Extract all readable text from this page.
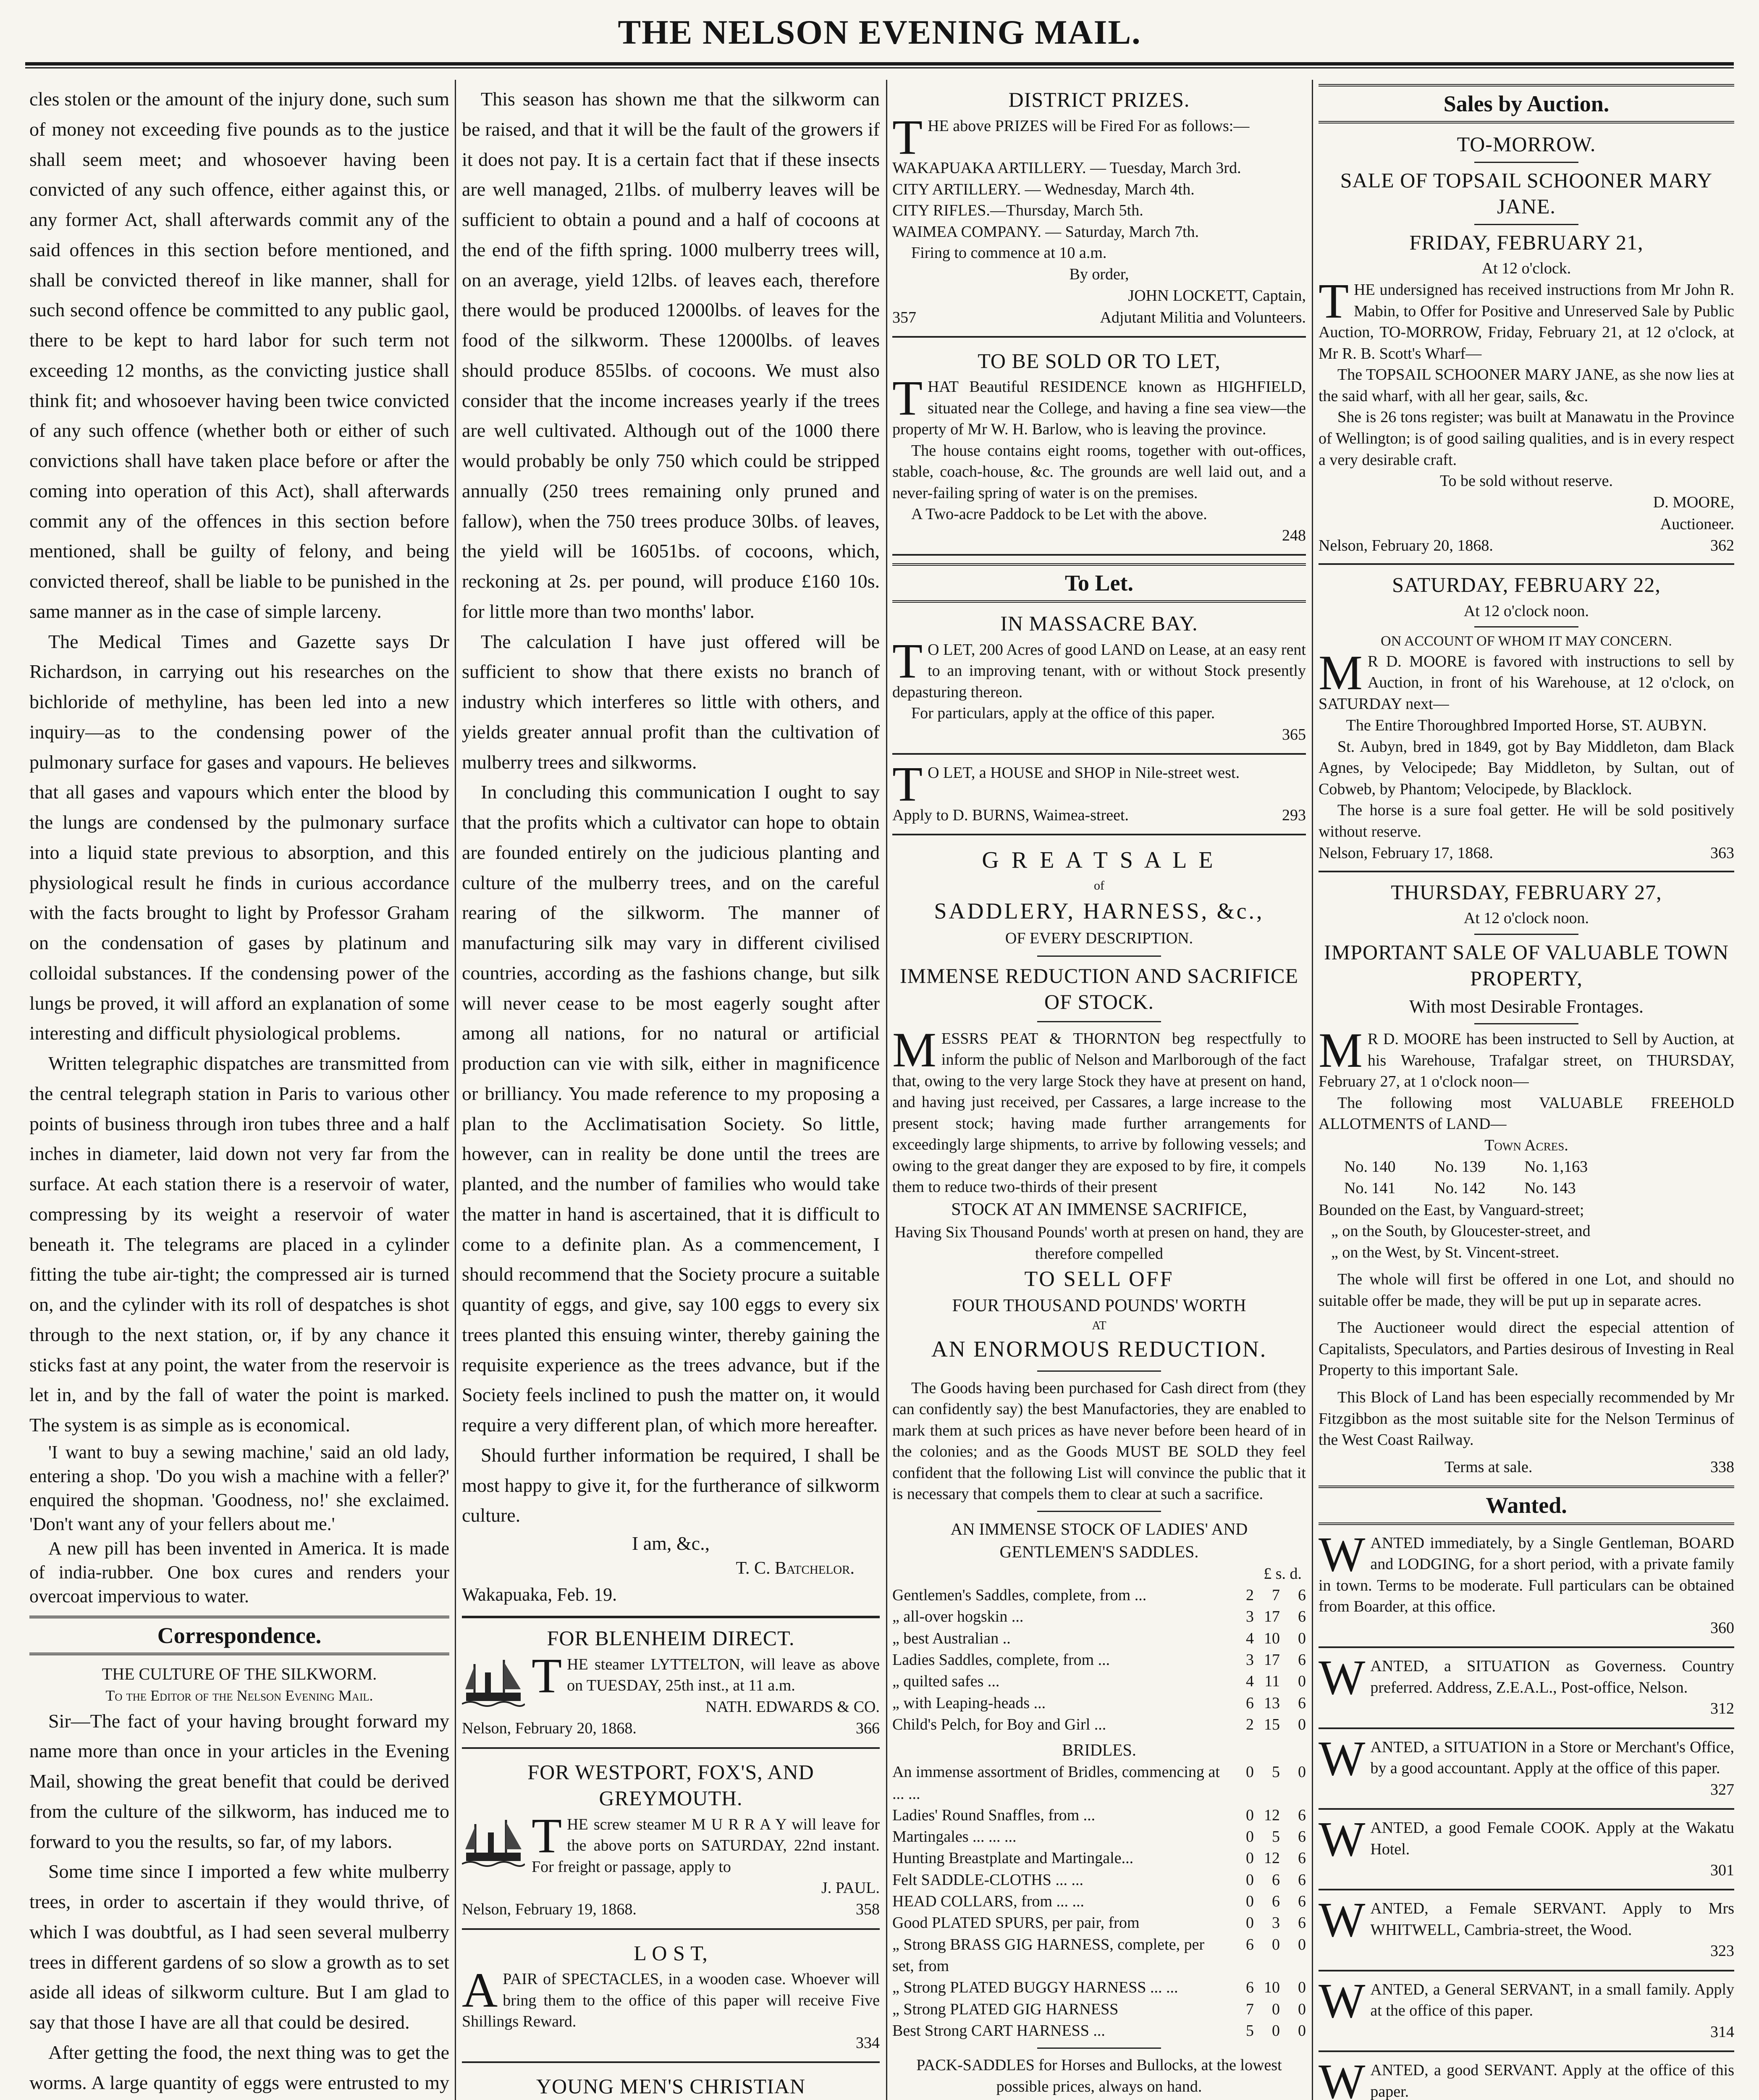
THE NELSON EVENING MAIL.

cles stolen or the amount of the injury done, such sum of money not exceeding five pounds as to the justice shall seem meet; and whosoever having been convicted of any such offence, either against this, or any former Act, shall afterwards commit any of the said offences in this section before mentioned, and shall be convicted thereof in like manner, shall for such second offence be committed to any public gaol, there to be kept to hard labor for such term not exceeding 12 months, as the convicting justice shall think fit; and whosoever having been twice convicted of any such offence (whether both or either of such convictions shall have taken place before or after the coming into operation of this Act), shall afterwards commit any of the offences in this section before mentioned, shall be guilty of felony, and being convicted thereof, shall be liable to be punished in the same manner as in the case of simple larceny.

The Medical Times and Gazette says Dr Richardson, in carrying out his researches on the bichloride of methyline, has been led into a new inquiry—as to the condensing power of the pulmonary surface for gases and vapours. He believes that all gases and vapours which enter the blood by the lungs are condensed by the pulmonary surface into a liquid state previous to absorption, and this physiological result he finds in curious accordance with the facts brought to light by Professor Graham on the condensation of gases by platinum and colloidal substances. If the condensing power of the lungs be proved, it will afford an explanation of some interesting and difficult physiological problems.

Written telegraphic dispatches are transmitted from the central telegraph station in Paris to various other points of business through iron tubes three and a half inches in diameter, laid down not very far from the surface. At each station there is a reservoir of water, compressing by its weight a reservoir of water beneath it. The telegrams are placed in a cylinder fitting the tube air-tight; the compressed air is turned on, and the cylinder with its roll of despatches is shot through to the next station, or, if by any chance it sticks fast at any point, the water from the reservoir is let in, and by the fall of water the point is marked. The system is as simple as is economical.

'I want to buy a sewing machine,' said an old lady, entering a shop. 'Do you wish a machine with a feller?' enquired the shopman. 'Goodness, no!' she exclaimed. 'Don't want any of your fellers about me.'

A new pill has been invented in America. It is made of india-rubber. One box cures and renders your overcoat impervious to water.

Correspondence.
THE CULTURE OF THE SILKWORM.
To the Editor of the Nelson Evening Mail.

Sir—The fact of your having brought forward my name more than once in your articles in the Evening Mail, showing the great benefit that could be derived from the culture of the silkworm, has induced me to forward to you the results, so far, of my labors.

Some time since I imported a few white mulberry trees, in order to ascertain if they would thrive, of which I was doubtful, as I had seen several mulberry trees in different gardens of so slow a growth as to set aside all ideas of silkworm culture. But I am glad to say that those I have are all that could be desired.

After getting the food, the next thing was to get the worms. A large quantity of eggs were entrusted to my

This season has shown me that the silkworm can be raised, and that it will be the fault of the growers if it does not pay. It is a certain fact that if these insects are well managed, 21lbs. of mulberry leaves will be sufficient to obtain a pound and a half of cocoons at the end of the fifth spring. 1000 mulberry trees will, on an average, yield 12lbs. of leaves each, therefore there would be produced 12000lbs. of leaves for the food of the silkworm. These 12000lbs. of leaves should produce 855lbs. of cocoons. We must also consider that the income increases yearly if the trees are well cultivated. Although out of the 1000 there would probably be only 750 which could be stripped annually (250 trees remaining only pruned and fallow), when the 750 trees produce 30lbs. of leaves, the yield will be 16051bs. of cocoons, which, reckoning at 2s. per pound, will produce £160 10s. for little more than two months' labor.

The calculation I have just offered will be sufficient to show that there exists no branch of industry which interferes so little with others, and yields greater annual profit than the cultivation of mulberry trees and silkworms.

In concluding this communication I ought to say that the profits which a cultivator can hope to obtain are founded entirely on the judicious planting and culture of the mulberry trees, and on the careful rearing of the silkworm. The manner of manufacturing silk may vary in different civilised countries, according as the fashions change, but silk will never cease to be most eagerly sought after among all nations, for no natural or artificial production can vie with silk, either in magnificence or brilliancy. You made reference to my proposing a plan to the Acclimatisation Society. So little, however, can in reality be done until the trees are planted, and the number of families who would take the matter in hand is ascertained, that it is difficult to come to a definite plan. As a commencement, I should recommend that the Society procure a suitable quantity of eggs, and give, say 100 eggs to every six trees planted this ensuing winter, thereby gaining the requisite experience as the trees advance, but if the Society feels inclined to push the matter on, it would require a very different plan, of which more hereafter.

Should further information be required, I shall be most happy to give it, for the furtherance of silkworm culture.

I am, &c.,
T. C. Batchelor.
Wakapuaka, Feb. 19.
FOR BLENHEIM DIRECT.
T HE steamer LYTTELTON, will leave as above on TUESDAY, 25th inst., at 11 a.m.
NATH. EDWARDS & CO.
Nelson, February 20, 1868.	366
FOR WESTPORT, FOX'S, AND GREYMOUTH.
T HE screw steamer M U R R A Y will leave for the above ports on SATURDAY, 22nd instant. For freight or passage, apply to
J. PAUL.
Nelson, February 19, 1868.	358
L O S T,
A PAIR of SPECTACLES, in a wooden case. Whoever will bring them to the office of this paper will receive Five Shillings Reward.
334
YOUNG MEN'S CHRISTIAN
DISTRICT PRIZES.
T HE above PRIZES will be Fired For as follows:—
WAKAPUAKA ARTILLERY. — Tuesday, March 3rd.
CITY ARTILLERY. — Wednesday, March 4th.
CITY RIFLES.—Thursday, March 5th.
WAIMEA COMPANY. — Saturday, March 7th.
Firing to commence at 10 a.m.
By order,
JOHN LOCKETT, Captain,
357	Adjutant Militia and Volunteers.
TO BE SOLD OR TO LET,
T HAT Beautiful RESIDENCE known as HIGHFIELD, situated near the College, and having a fine sea view—the property of Mr W. H. Barlow, who is leaving the province.
The house contains eight rooms, together with out-offices, stable, coach-house, &c. The grounds are well laid out, and a never-failing spring of water is on the premises.
A Two-acre Paddock to be Let with the above.
248
To Let.
IN MASSACRE BAY.
T O LET, 200 Acres of good LAND on Lease, at an easy rent to an improving tenant, with or without Stock presently depasturing thereon.
For particulars, apply at the office of this paper.
365
T O LET, a HOUSE and SHOP in Nile-street west.
Apply to D. BURNS, Waimea-street.	293
G R E A T S A L E
of
SADDLERY, HARNESS, &c.,
OF EVERY DESCRIPTION.
IMMENSE REDUCTION AND SACRIFICE OF STOCK.
M ESSRS PEAT & THORNTON beg respectfully to inform the public of Nelson and Marlborough of the fact that, owing to the very large Stock they have at present on hand, and having just received, per Cassares, a large increase to the present stock; having made further arrangements for exceedingly large shipments, to arrive by following vessels; and owing to the great danger they are exposed to by fire, it compels them to reduce two-thirds of their present
STOCK AT AN IMMENSE SACRIFICE,
Having Six Thousand Pounds' worth at presen on hand, they are therefore compelled
TO SELL OFF
FOUR THOUSAND POUNDS' WORTH
AT
AN ENORMOUS REDUCTION.
The Goods having been purchased for Cash direct from (they can confidently say) the best Manufactories, they are enabled to mark them at such prices as have never before been heard of in the colonies; and as the Goods MUST BE SOLD they feel confident that the following List will convince the public that it is necessary that compels them to clear at such a sacrifice.
AN IMMENSE STOCK OF LADIES' AND GENTLEMEN'S SADDLES.
£ s. d.
Gentlemen's Saddles, complete, from ...	2	7	6
„ all-over hogskin ...	3	17	6
„ best Australian ..	4	10	0
Ladies Saddles, complete, from ...	3	17	6
„ quilted safes ...	4	11	0
„ with Leaping-heads ...	6	13	6
Child's Pelch, for Boy and Girl ...	2	15	0
BRIDLES.
An immense assortment of Bridles, commencing at ... ...	0	5	0
Ladies' Round Snaffles, from ...	0	12	6
Martingales ... ... ...	0	5	6
Hunting Breastplate and Martingale...	0	12	6
Felt SADDLE-CLOTHS ... ...	0	6	6
HEAD COLLARS, from ... ...	0	6	6
Good PLATED SPURS, per pair, from	0	3	6
„ Strong BRASS GIG HARNESS, complete, per set, from	6	0	0
„ Strong PLATED BUGGY HARNESS ... ...	6	10	0
„ Strong PLATED GIG HARNESS	7	0	0
Best Strong CART HARNESS ...	5	0	0
PACK-SADDLES for Horses and Bullocks, at the lowest possible prices, always on hand.
Sales by Auction.
TO-MORROW.
SALE OF TOPSAIL SCHOONER MARY JANE.
FRIDAY, FEBRUARY 21,
At 12 o'clock.
T HE undersigned has received instructions from Mr John R. Mabin, to Offer for Positive and Unreserved Sale by Public Auction, TO-MORROW, Friday, February 21, at 12 o'clock, at Mr R. B. Scott's Wharf—
The TOPSAIL SCHOONER MARY JANE, as she now lies at the said wharf, with all her gear, sails, &c.
She is 26 tons register; was built at Manawatu in the Province of Wellington; is of good sailing qualities, and is in every respect a very desirable craft.
To be sold without reserve.
D. MOORE,
Auctioneer.
Nelson, February 20, 1868.	362
SATURDAY, FEBRUARY 22,
At 12 o'clock noon.
ON ACCOUNT OF WHOM IT MAY CONCERN.
M R D. MOORE is favored with instructions to sell by Auction, in front of his Warehouse, at 12 o'clock, on SATURDAY next—
The Entire Thoroughbred Imported Horse, ST. AUBYN.
St. Aubyn, bred in 1849, got by Bay Middleton, dam Black Agnes, by Velocipede; Bay Middleton, by Sultan, out of Cobweb, by Phantom; Velocipede, by Blacklock.
The horse is a sure foal getter. He will be sold positively without reserve.
Nelson, February 17, 1868.	363
THURSDAY, FEBRUARY 27,
At 12 o'clock noon.
IMPORTANT SALE OF VALUABLE TOWN PROPERTY,
With most Desirable Frontages.
M R D. MOORE has been instructed to Sell by Auction, at his Warehouse, Trafalgar street, on THURSDAY, February 27, at 1 o'clock noon—
The following most VALUABLE FREEHOLD ALLOTMENTS of LAND—
Town Acres.
No. 140	No. 139	No. 1,163
No. 141	No. 142	No. 143
Bounded on the East, by Vanguard-street;
„ on the South, by Gloucester-street, and
„ on the West, by St. Vincent-street.
The whole will first be offered in one Lot, and should no suitable offer be made, they will be put up in separate acres.
The Auctioneer would direct the especial attention of Capitalists, Speculators, and Parties desirous of Investing in Real Property to this important Sale.
This Block of Land has been especially recommended by Mr Fitzgibbon as the most suitable site for the Nelson Terminus of the West Coast Railway.
Terms at sale.	338
Wanted.
W ANTED immediately, by a Single Gentleman, BOARD and LODGING, for a short period, with a private family in town. Terms to be moderate. Full particulars can be obtained from Boarder, at this office.
360
W ANTED, a SITUATION as Governess. Country preferred. Address, Z.E.A.L., Post-office, Nelson.
312
W ANTED, a SITUATION in a Store or Merchant's Office, by a good accountant. Apply at the office of this paper.
327
W ANTED, a good Female COOK. Apply at the Wakatu Hotel.
301
W ANTED, a Female SERVANT. Apply to Mrs WHITWELL, Cambria-street, the Wood.
323
W ANTED, a General SERVANT, in a small family. Apply at the office of this paper.
314
W ANTED, a good SERVANT. Apply at the office of this paper.
